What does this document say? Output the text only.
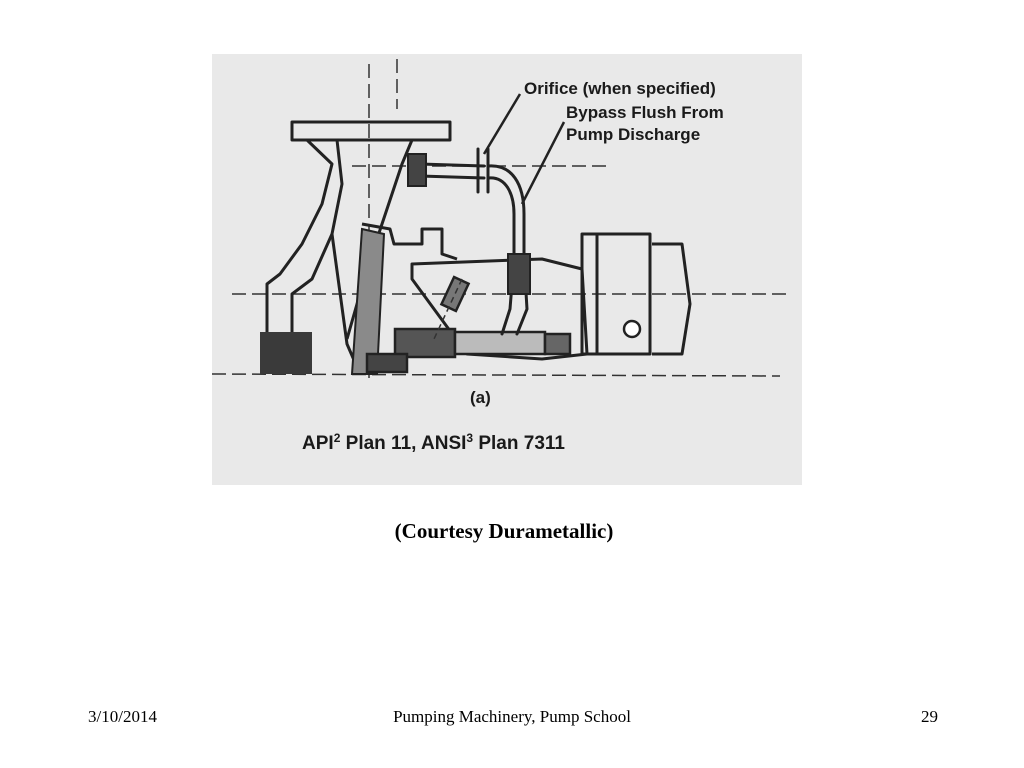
Orifice (when specified)
Bypass Flush From
Pump Discharge
(a)
API$^2$ Plan 11, ANSI$^3$ Plan 7311
(Courtesy Durametallic)
3/10/2014	Pumping Machinery, Pump School	29
